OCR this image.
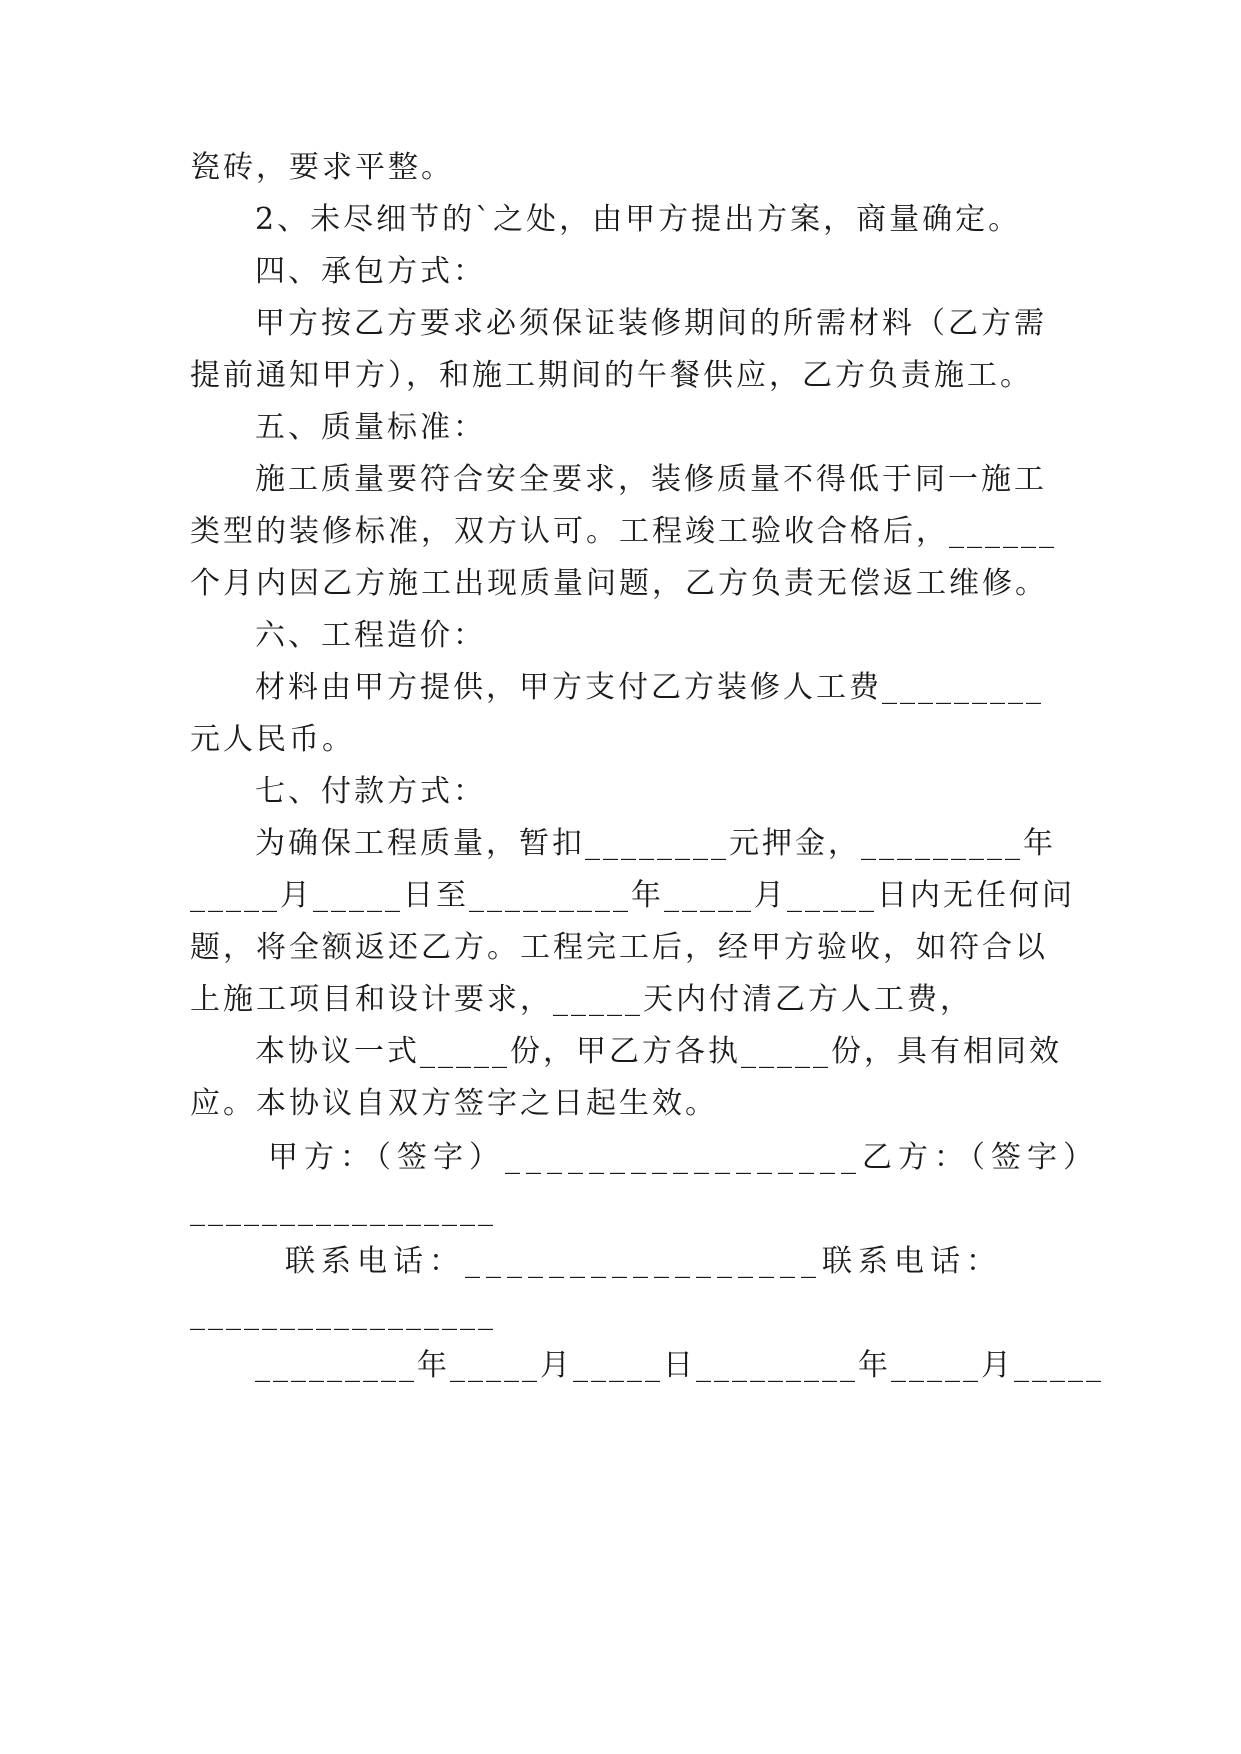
瓷砖，要求平整。
2、未尽细节的`之处，由甲方提出方案，商量确定。
四、承包方式：
甲方按乙方要求必须保证装修期间的所需材料（乙方需
提前通知甲方），和施工期间的午餐供应，乙方负责施工。
五、质量标准：
施工质量要符合安全要求，装修质量不得低于同一施工
类型的装修标准，双方认可。工程竣工验收合格后，______
个月内因乙方施工出现质量问题，乙方负责无偿返工维修。
六、工程造价：
材料由甲方提供，甲方支付乙方装修人工费_________
元人民币。
七、付款方式：
为确保工程质量，暂扣________元押金，_________年
_____月_____日至_________年_____月_____日内无任何问
题，将全额返还乙方。工程完工后，经甲方验收，如符合以
上施工项目和设计要求，_____天内付清乙方人工费，
本协议一式_____份，甲乙方各执_____份，具有相同效
应。本协议自双方签字之日起生效。
甲方：（签字）_________________乙方：（签字）
_________________
联系电话：_________________联系电话：
_________________
_________年_____月_____日_________年_____月_____
